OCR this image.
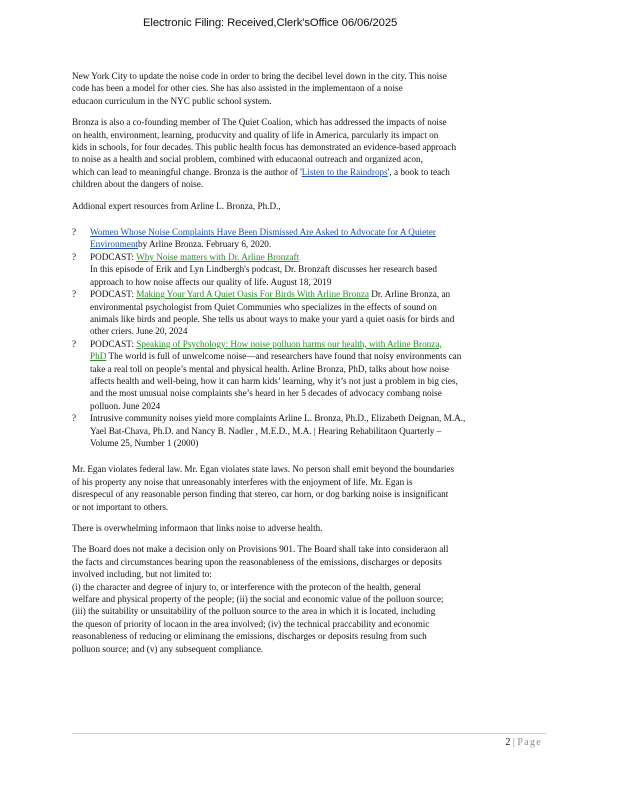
Electronic Filing: Received,Clerk'sOffice 06/06/2025
New York City to update the noise code in order to bring the decibel level down in the city. This noise
code has been a model for other cies. She has also assisted in the implementaon of a noise
educaon curriculum in the NYC public school system.
Bronza is also a co-founding member of The Quiet Coalion, which has addressed the impacts of noise
on health, environment, learning, producvity and quality of life in America, parcularly its impact on
kids in schools, for four decades. This public health focus has demonstrated an evidence-based approach
to noise as a health and social problem, combined with educaonal outreach and organized acon,
which can lead to meaningful change. Bronza is the author of 'Listen to the Raindrops', a book to teach
children about the dangers of noise.
Addional expert resources from Arline L. Bronza, Ph.D.,
?	Women Whose Noise Complaints Have Been Dismissed Are Asked to Advocate for A Quieter
Environmentby Arline Bronza. February 6, 2020.
?	PODCAST: Why Noise matters with Dr. Arline Bronzaft
In this episode of Erik and Lyn Lindbergh's podcast, Dr. Bronzaft discusses her research based
approach to how noise affects our quality of life. August 18, 2019
?	PODCAST: Making Your Yard A Quiet Oasis For Birds With Arline Bronza Dr. Arline Bronza, an
environmental psychologist from Quiet Communies who specializes in the effects of sound on
animals like birds and people. She tells us about ways to make your yard a quiet oasis for birds and
other criers. June 20, 2024
?	PODCAST: Speaking of Psychology: How noise polluon harms our health, with Arline Bronza,
PhD The world is full of unwelcome noise—and researchers have found that noisy environments can
take a real toll on people’s mental and physical health. Arline Bronza, PhD, talks about how noise
affects health and well-being, how it can harm kids’ learning, why it’s not just a problem in big cies,
and the most unusual noise complaints she’s heard in her 5 decades of advocacy combang noise
polluon. June 2024
?	Intrusive community noises yield more complaints Arline L. Bronza, Ph.D., Elizabeth Deignan, M.A.,
Yael Bat-Chava, Ph.D. and Nancy B. Nadler , M.E.D., M.A. | Hearing Rehabilitaon Quarterly –
Volume 25, Number 1 (2000)
Mr. Egan violates federal law. Mr. Egan violates state laws. No person shall emit beyond the boundaries
of his property any noise that unreasonably interferes with the enjoyment of life. Mr. Egan is
disrespecul of any reasonable person finding that stereo, car horn, or dog barking noise is insignificant
or not important to others.
There is overwhelming informaon that links noise to adverse health.
The Board does not make a decision only on Provisions 901. The Board shall take into consideraon all
the facts and circumstances bearing upon the reasonableness of the emissions, discharges or deposits
involved including, but not limited to:
(i) the character and degree of injury to, or interference with the protecon of the health, general
welfare and physical property of the people; (ii) the social and economic value of the polluon source;
(iii) the suitability or unsuitability of the polluon source to the area in which it is located, including
the queson of priority of locaon in the area involved; (iv) the technical praccability and economic
reasonableness of reducing or eliminang the emissions, discharges or deposits resulng from such
polluon source; and (v) any subsequent compliance.
2 | Page
